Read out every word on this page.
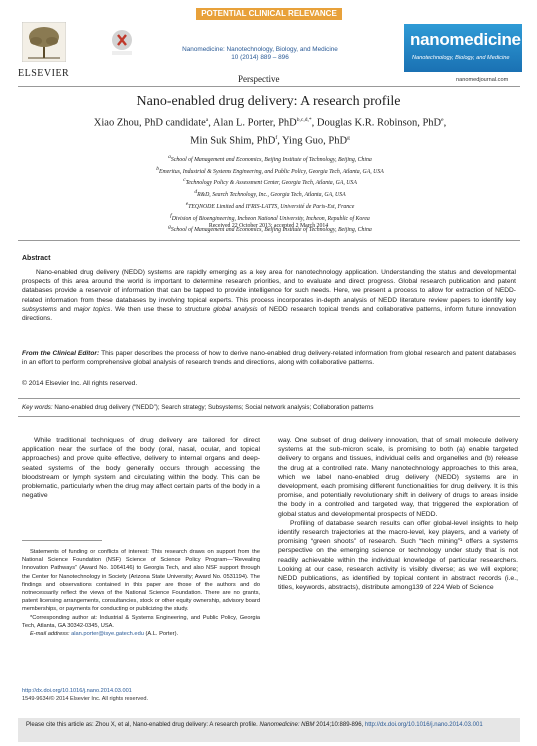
POTENTIAL CLINICAL RELEVANCE
ELSEVIER
Nanomedicine: Nanotechnology, Biology, and Medicine
10 (2014) 889 – 896
nanomedicine
Nanotechnology, Biology, and Medicine
Perspective	nanomedjournal.com
Nano-enabled drug delivery: A research profile
Xiao Zhou, PhD candidate$^a$, Alan L. Porter, PhD$^{b,c,d,*}$, Douglas K.R. Robinson, PhD$^e$,
Min Suk Shim, PhD$^f$, Ying Guo, PhD$^g$
aSchool of Management and Economics, Beijing Institute of Technology, Beijing, China
bEmeritus, Industrial & Systems Engineering, and Public Policy, Georgia Tech, Atlanta, GA, USA
cTechnology Policy & Assessment Center, Georgia Tech, Atlanta, GA, USA
dR&D, Search Technology, Inc., Georgia Tech, Atlanta, GA, USA
eTEQNODE Limited and IFRIS-LATTS, Université de Paris-Est, France
fDivision of Bioengineering, Incheon National University, Incheon, Republic of Korea
gSchool of Management and Economics, Beijing Institute of Technology, Beijing, China
Received 22 October 2013; accepted 2 March 2014
Abstract

Nano-enabled drug delivery (NEDD) systems are rapidly emerging as a key area for nanotechnology application. Understanding the status and developmental prospects of this area around the world is important to determine research priorities, and to evaluate and direct progress. Global research publication and patent databases provide a reservoir of information that can be tapped to provide intelligence for such needs. Here, we present a process to allow for extraction of NEDD-related information from these databases by involving topical experts. This process incorporates in-depth analysis of NEDD literature review papers to identify key subsystems and major topics. We then use these to structure global analysis of NEDD research topical trends and collaborative patterns, inform future innovation directions.

From the Clinical Editor: This paper describes the process of how to derive nano-enabled drug delivery-related information from global research and patent databases in an effort to perform comprehensive global analysis of research trends and directions, along with collaborative patterns.
© 2014 Elsevier Inc. All rights reserved.
Key words: Nano-enabled drug delivery (“NEDD”); Search strategy; Subsystems; Social network analysis; Collaboration patterns

While traditional techniques of drug delivery are tailored for direct application near the surface of the body (oral, nasal, ocular, and topical approaches) and prove quite effective, delivery to internal organs and deep-seated systems of the body generally occurs through accessing the bloodstream or lymph system and circulating within the body. This can be problematic, particularly when the drug may affect certain parts of the body in a negative

way. One subset of drug delivery innovation, that of small molecule delivery systems at the sub-micron scale, is promising to both (a) enable targeted delivery to organs and tissues, individual cells and organelles and (b) release the drug at a controlled rate. Many nanotechnology approaches to this area, which we label nano-enabled drug delivery (NEDD) systems are in development, each promising different functionalities for drug delivery. It is this promise, and potentially revolutionary shift in delivery of drugs to areas inside the body in a controlled and targeted way, that triggered the exploration of global status and developmental prospects of NEDD.

Profiling of database search results can offer global-level insights to help identify research trajectories at the macro-level, key players, and a variety of promising “green shoots” of research. Such “tech mining”¹ offers a systems perspective on the emerging science or technology under study that is not readily achievable within the individual knowledge of particular researchers. Looking at our case, research activity is visibly diverse; as we will explore; NEDD publications, as identified by topical content in abstract records (i.e., titles, keywords, abstracts), distribute among139 of 224 Web of Science

Statements of funding or conflicts of interest: This research draws on support from the National Science Foundation (NSF) Science of Science Policy Program—“Revealing Innovation Pathways” (Award No. 1064146) to Georgia Tech, and also NSF support through the Center for Nanotechnology in Society (Arizona State University; Award No. 0531194). The findings and observations contained in this paper are those of the authors and do notnecessarily reflect the views of the National Science Foundation. There are no grants, patent licensing arrangements, consultancies, stock or other equity ownership, advisory board memberships, or payments for conducting or publicizing the study.

*Corresponding author at: Industrial & Systems Engineering, and Public Policy, Georgia Tech, Atlanta, GA 30342-0345, USA.

E-mail address: alan.porter@isye.gatech.edu (A.L. Porter).

http://dx.doi.org/10.1016/j.nano.2014.03.001
1549-9634/© 2014 Elsevier Inc. All rights reserved.
Please cite this article as: Zhou X, et al, Nano-enabled drug delivery: A research profile. Nanomedicine: NBM 2014;10:889-896, http://dx.doi.org/10.1016/j.nano.2014.03.001
